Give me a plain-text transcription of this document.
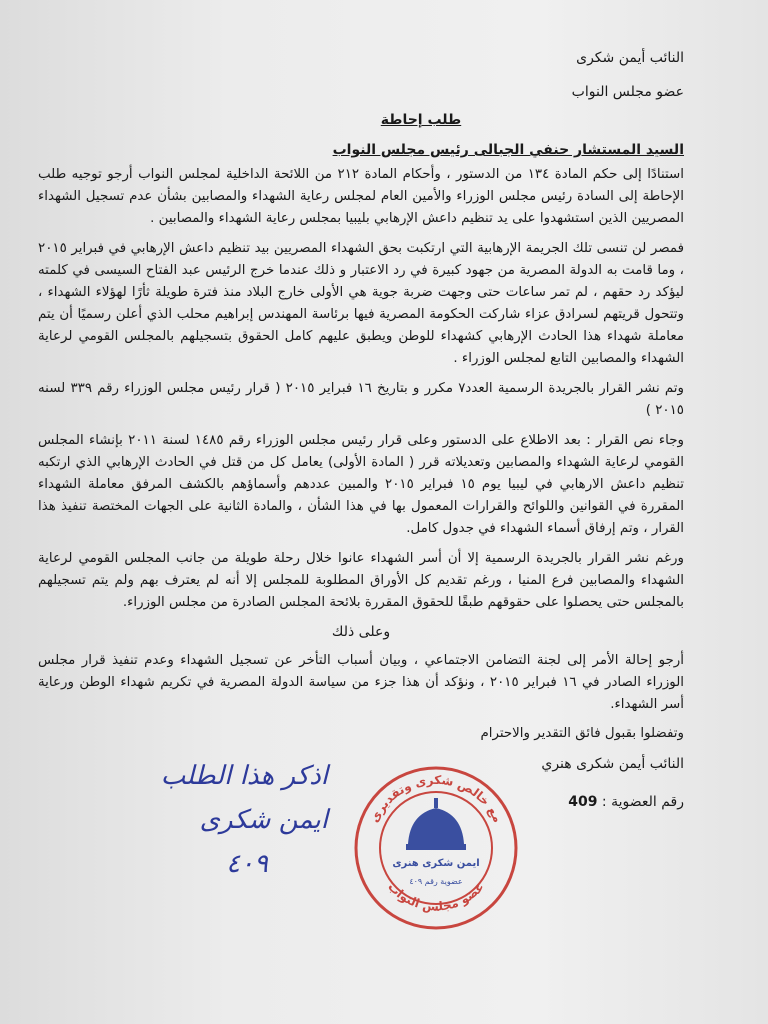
النائب أيمن شكرى
عضو مجلس النواب
طلب إحاطة
السيد المستشار حنفي الجبالى رئيس مجلس النواب

استنادًا إلى حكم المادة ١٣٤ من الدستور ، وأحكام المادة ٢١٢ من اللائحة الداخلية لمجلس النواب أرجو توجيه طلب الإحاطة إلى السادة رئيس مجلس الوزراء والأمين العام لمجلس رعاية الشهداء والمصابين بشأن عدم تسجيل الشهداء المصريين الذين استشهدوا على يد تنظيم داعش الإرهابي بليبيا بمجلس رعاية الشهداء والمصابين .

فمصر لن تنسى تلك الجريمة الإرهابية التي ارتكبت بحق الشهداء المصريين بيد تنظيم داعش الإرهابي في فبراير ٢٠١٥ ، وما قامت به الدولة المصرية من جهود كبيرة في رد الاعتبار و ذلك عندما خرج الرئيس عبد الفتاح السيسى في كلمته ليؤكد رد حقهم ، لم تمر ساعات حتى وجهت ضربة جوية هي الأولى خارج البلاد منذ فترة طويلة ثأرًا لهؤلاء الشهداء ، وتتحول قريتهم لسرادق عزاء شاركت الحكومة المصرية فيها برئاسة المهندس إبراهيم محلب الذي أعلن رسميًا أن يتم معاملة شهداء هذا الحادث الإرهابي كشهداء للوطن ويطبق عليهم كامل الحقوق بتسجيلهم بالمجلس القومي لرعاية الشهداء والمصابين التابع لمجلس الوزراء .

وتم نشر القرار بالجريدة الرسمية العدد٧ مكرر و بتاريخ ١٦ فبراير ٢٠١٥ ( قرار رئيس مجلس الوزراء رقم ٣٣٩ لسنه ٢٠١٥ )

وجاء نص القرار : بعد الاطلاع على الدستور وعلى قرار رئيس مجلس الوزراء رقم ١٤٨٥ لسنة ٢٠١١ بإنشاء المجلس القومي لرعاية الشهداء والمصابين وتعديلاته قرر ( المادة الأولى) يعامل كل من قتل في الحادث الإرهابي الذي ارتكبه تنظيم داعش الارهابي في ليبيا يوم ١٥ فبراير ٢٠١٥ والمبين عددهم وأسماؤهم بالكشف المرفق معاملة الشهداء المقررة في القوانين واللوائح والقرارات المعمول بها في هذا الشأن ، والمادة الثانية على الجهات المختصة تنفيذ هذا القرار ، وتم إرفاق أسماء الشهداء في جدول كامل.

ورغم نشر القرار بالجريدة الرسمية إلا أن أسر الشهداء عانوا خلال رحلة طويلة من جانب المجلس القومي لرعاية الشهداء والمصابين فرع المنيا ، ورغم تقديم كل الأوراق المطلوبة للمجلس إلا أنه لم يعترف بهم ولم يتم تسجيلهم بالمجلس حتى يحصلوا على حقوقهم طبقًا للحقوق المقررة بلائحة المجلس الصادرة من مجلس الوزراء.

وعلى ذلك

أرجو إحالة الأمر إلى لجنة التضامن الاجتماعي ، وبيان أسباب التأخر عن تسجيل الشهداء وعدم تنفيذ قرار مجلس الوزراء الصادر في ١٦ فبراير ٢٠١٥ ، ونؤكد أن هذا جزء من سياسة الدولة المصرية في تكريم شهداء الوطن ورعاية أسر الشهداء.

وتفضلوا بقبول فائق التقدير والاحترام
النائب أيمن شكرى هنري
رقم العضوية : 409
مع خالص شكرى وتقديرى
عضو مجلس النواب
ايمن شكرى هنرى
عضوية رقم ٤٠٩
اذكر هذا الطلب
ايمن شكرى
٤٠٩
